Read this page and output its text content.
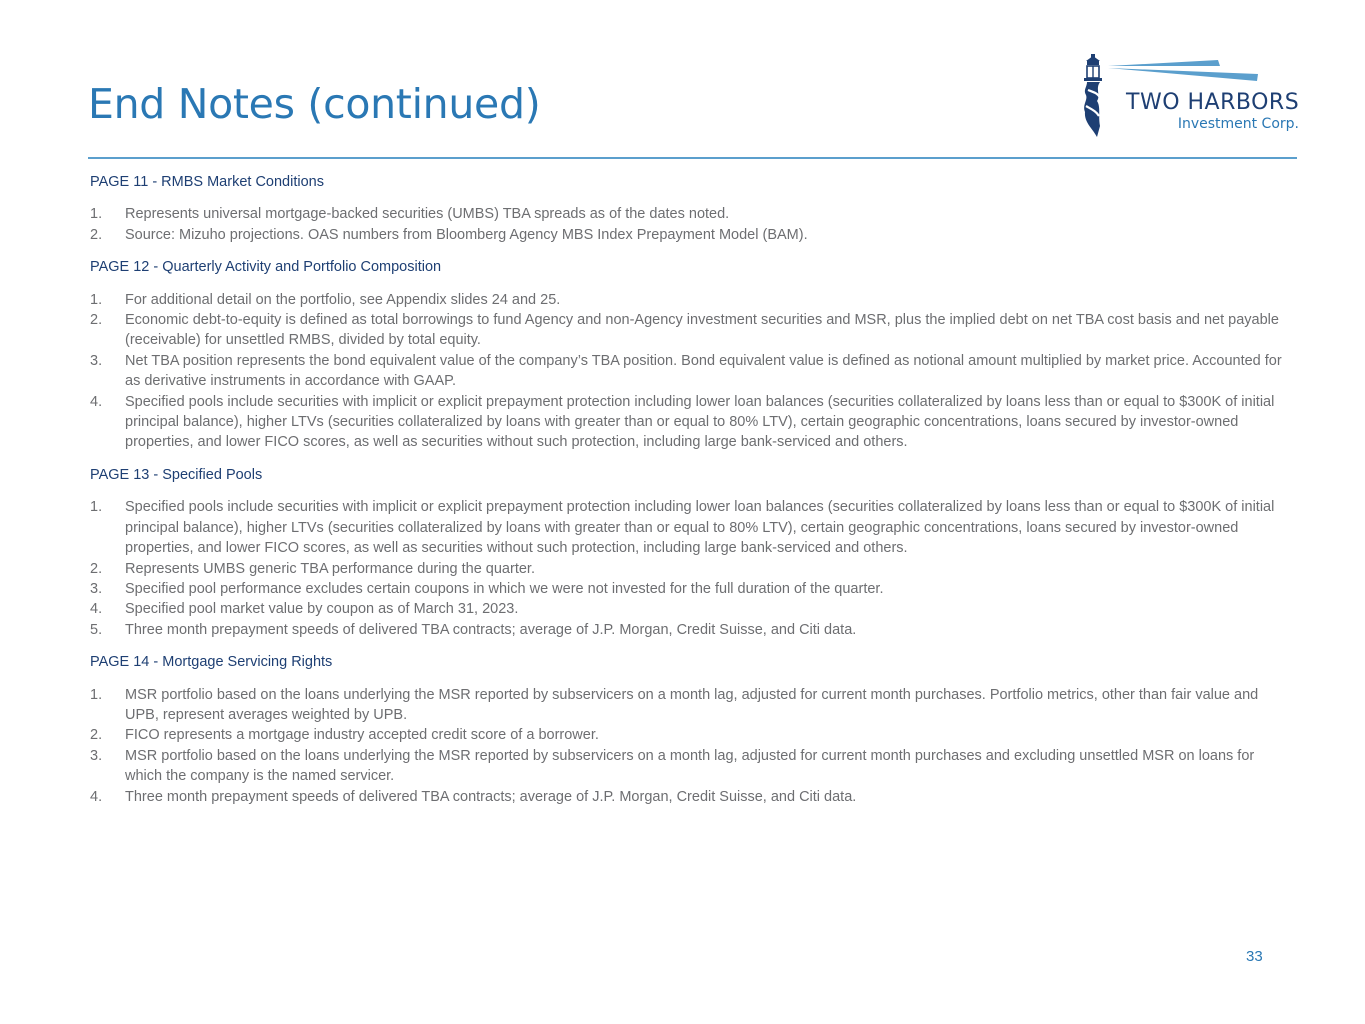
End Notes (continued)	TWO HARBORS
Investment Corp.

PAGE 11 - RMBS Market Conditions

1. Represents universal mortgage-backed securities (UMBS) TBA spreads as of the dates noted.
2. Source: Mizuho projections. OAS numbers from Bloomberg Agency MBS Index Prepayment Model (BAM).

PAGE 12 - Quarterly Activity and Portfolio Composition

1. For additional detail on the portfolio, see Appendix slides 24 and 25.
2. Economic debt-to-equity is defined as total borrowings to fund Agency and non-Agency investment securities and MSR, plus the implied debt on net TBA cost basis and net payable (receivable) for unsettled RMBS, divided by total equity.
3. Net TBA position represents the bond equivalent value of the company’s TBA position. Bond equivalent value is defined as notional amount multiplied by market price. Accounted for as derivative instruments in accordance with GAAP.
4. Specified pools include securities with implicit or explicit prepayment protection including lower loan balances (securities collateralized by loans less than or equal to $300K of initial principal balance), higher LTVs (securities collateralized by loans with greater than or equal to 80% LTV), certain geographic concentrations, loans secured by investor-owned properties, and lower FICO scores, as well as securities without such protection, including large bank-serviced and others.

PAGE 13 - Specified Pools

1. Specified pools include securities with implicit or explicit prepayment protection including lower loan balances (securities collateralized by loans less than or equal to $300K of initial principal balance), higher LTVs (securities collateralized by loans with greater than or equal to 80% LTV), certain geographic concentrations, loans secured by investor-owned properties, and lower FICO scores, as well as securities without such protection, including large bank-serviced and others.
2. Represents UMBS generic TBA performance during the quarter.
3. Specified pool performance excludes certain coupons in which we were not invested for the full duration of the quarter.
4. Specified pool market value by coupon as of March 31, 2023.
5. Three month prepayment speeds of delivered TBA contracts; average of J.P. Morgan, Credit Suisse, and Citi data.

PAGE 14 - Mortgage Servicing Rights

1. MSR portfolio based on the loans underlying the MSR reported by subservicers on a month lag, adjusted for current month purchases. Portfolio metrics, other than fair value and UPB, represent averages weighted by UPB.
2. FICO represents a mortgage industry accepted credit score of a borrower.
3. MSR portfolio based on the loans underlying the MSR reported by subservicers on a month lag, adjusted for current month purchases and excluding unsettled MSR on loans for which the company is the named servicer.
4. Three month prepayment speeds of delivered TBA contracts; average of J.P. Morgan, Credit Suisse, and Citi data.
33
